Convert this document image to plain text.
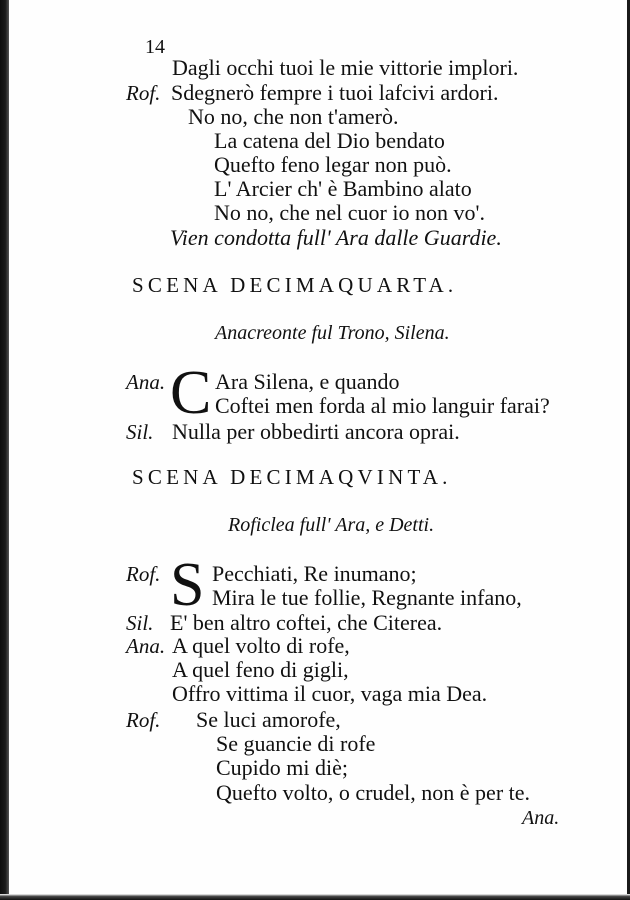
14
Dagli occhi tuoi le mie vittorie implori.
Rof. Sdegnerò fempre i tuoi lafcivi ardori.
No no, che non t'amerò.
La catena del Dio bendato
Quefto feno legar non può.
L' Arcier ch' è Bambino alato
No no, che nel cuor io non vo'.
Vien condotta full' Ara dalle Guardie.
SCENA DECIMAQUARTA.
Anacreonte ful Trono, Silena.
Ana. C Ara Silena, e quando
Coftei men forda al mio languir farai?
Sil. Nulla per obbedirti ancora oprai.
SCENA DECIMAQVINTA.
Roficlea full' Ara, e Detti.
Rof. S Pecchiati, Re inumano;
Mira le tue follie, Regnante infano,
Sil. E' ben altro coftei, che Citerea.
Ana. A quel volto di rofe,
A quel feno di gigli,
Offro vittima il cuor, vaga mia Dea.
Rof. Se luci amorofe,
Se guancie di rofe
Cupido mi diè;
Quefto volto, o crudel, non è per te.
Ana.
